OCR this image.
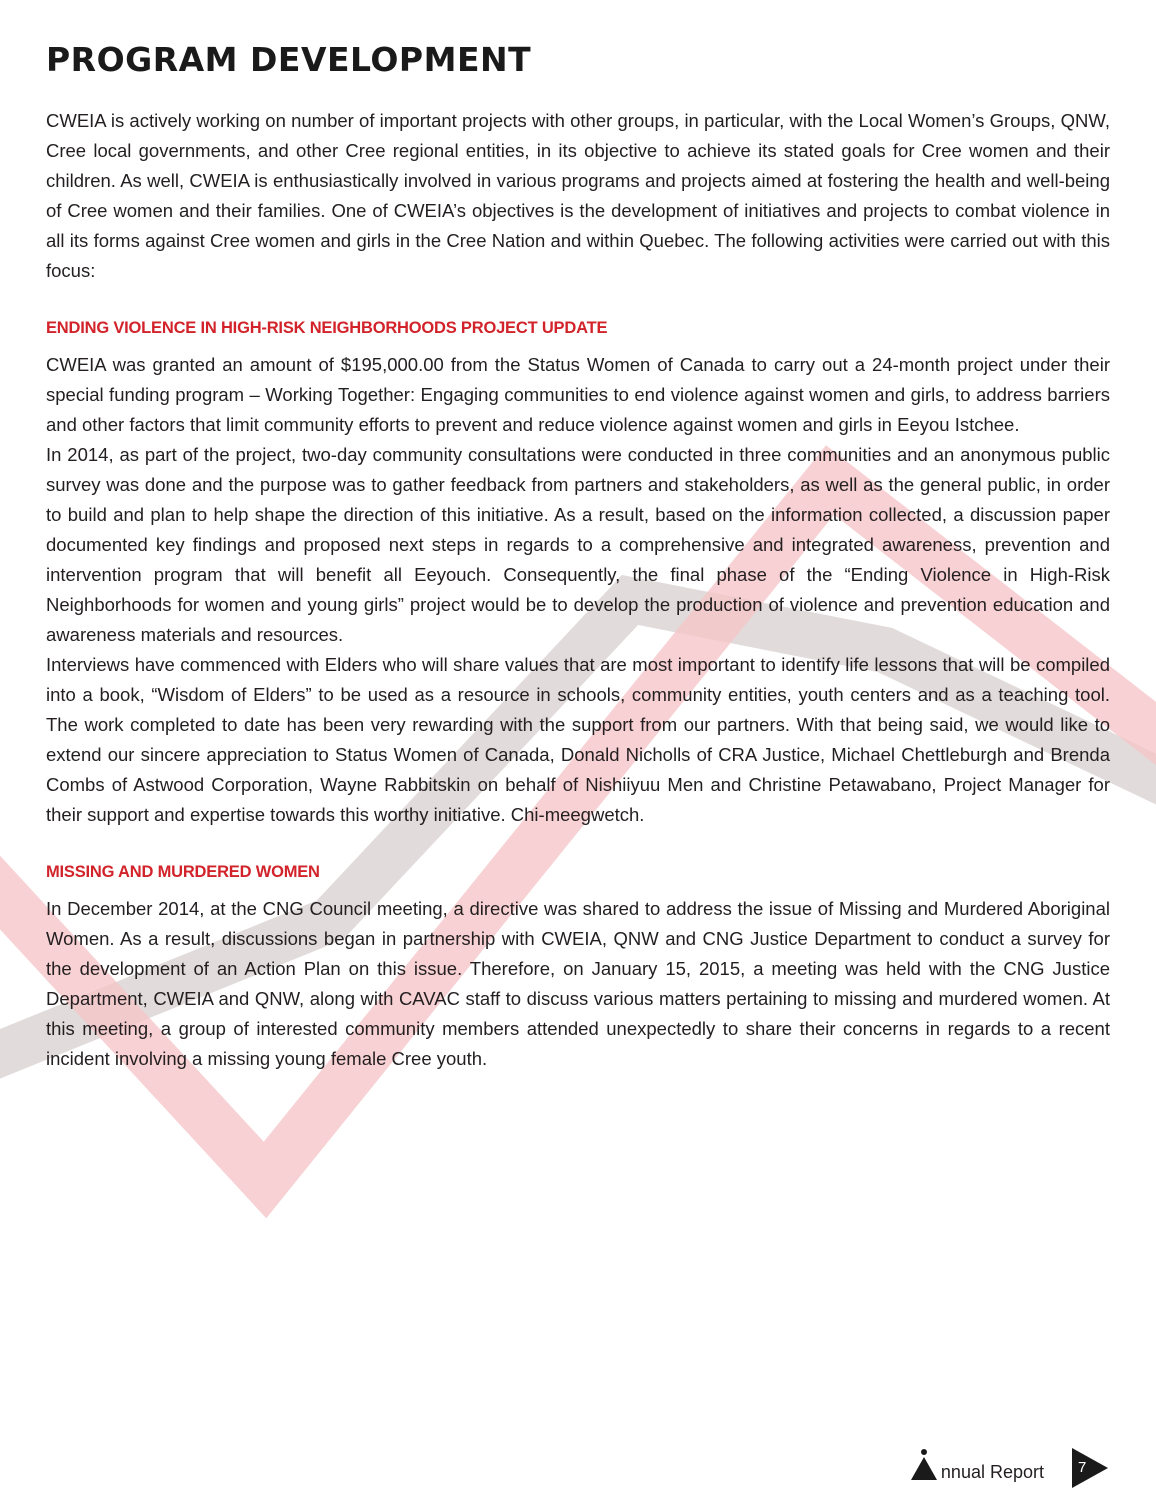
PROGRAM DEVELOPMENT

CWEIA is actively working on number of important projects with other groups, in particular, with the Local Women’s Groups, QNW, Cree local governments, and other Cree regional entities, in its objective to achieve its stated goals for Cree women and their children. As well, CWEIA is enthusiastically involved in various programs and projects aimed at fostering the health and well-being of Cree women and their families. One of CWEIA’s objectives is the development of initiatives and projects to combat violence in all its forms against Cree women and girls in the Cree Nation and within Quebec. The following activities were carried out with this focus:

ENDING VIOLENCE IN HIGH-RISK NEIGHBORHOODS PROJECT UPDATE

CWEIA was granted an amount of $195,000.00 from the Status Women of Canada to carry out a 24-month project under their special funding program – Working Together: Engaging communities to end violence against women and girls, to address barriers and other factors that limit community efforts to prevent and reduce violence against women and girls in Eeyou Istchee.

In 2014, as part of the project, two-day community consultations were conducted in three communities and an anonymous public survey was done and the purpose was to gather feedback from partners and stakeholders, as well as the general public, in order to build and plan to help shape the direction of this initiative. As a result, based on the information collected, a discussion paper documented key findings and proposed next steps in regards to a comprehensive and integrated awareness, prevention and intervention program that will benefit all Eeyouch. Consequently, the final phase of the “Ending Violence in High-Risk Neighborhoods for women and young girls” project would be to develop the production of violence and prevention education and awareness materials and resources.

Interviews have commenced with Elders who will share values that are most important to identify life lessons that will be compiled into a book, “Wisdom of Elders” to be used as a resource in schools, community entities, youth centers and as a teaching tool. The work completed to date has been very rewarding with the support from our partners. With that being said, we would like to extend our sincere appreciation to Status Women of Canada, Donald Nicholls of CRA Justice, Michael Chettleburgh and Brenda Combs of Astwood Corporation, Wayne Rabbitskin on behalf of Nishiiyuu Men and Christine Petawabano, Project Manager for their support and expertise towards this worthy initiative. Chi-meegwetch.

MISSING AND MURDERED WOMEN

In December 2014, at the CNG Council meeting, a directive was shared to address the issue of Missing and Murdered Aboriginal Women. As a result, discussions began in partnership with CWEIA, QNW and CNG Justice Department to conduct a survey for the development of an Action Plan on this issue. Therefore, on January 15, 2015, a meeting was held with the CNG Justice Department, CWEIA and QNW, along with CAVAC staff to discuss various matters pertaining to missing and murdered women. At this meeting, a group of interested community members attended unexpectedly to share their concerns in regards to a recent incident involving a missing young female Cree youth.

nnual Report 7
